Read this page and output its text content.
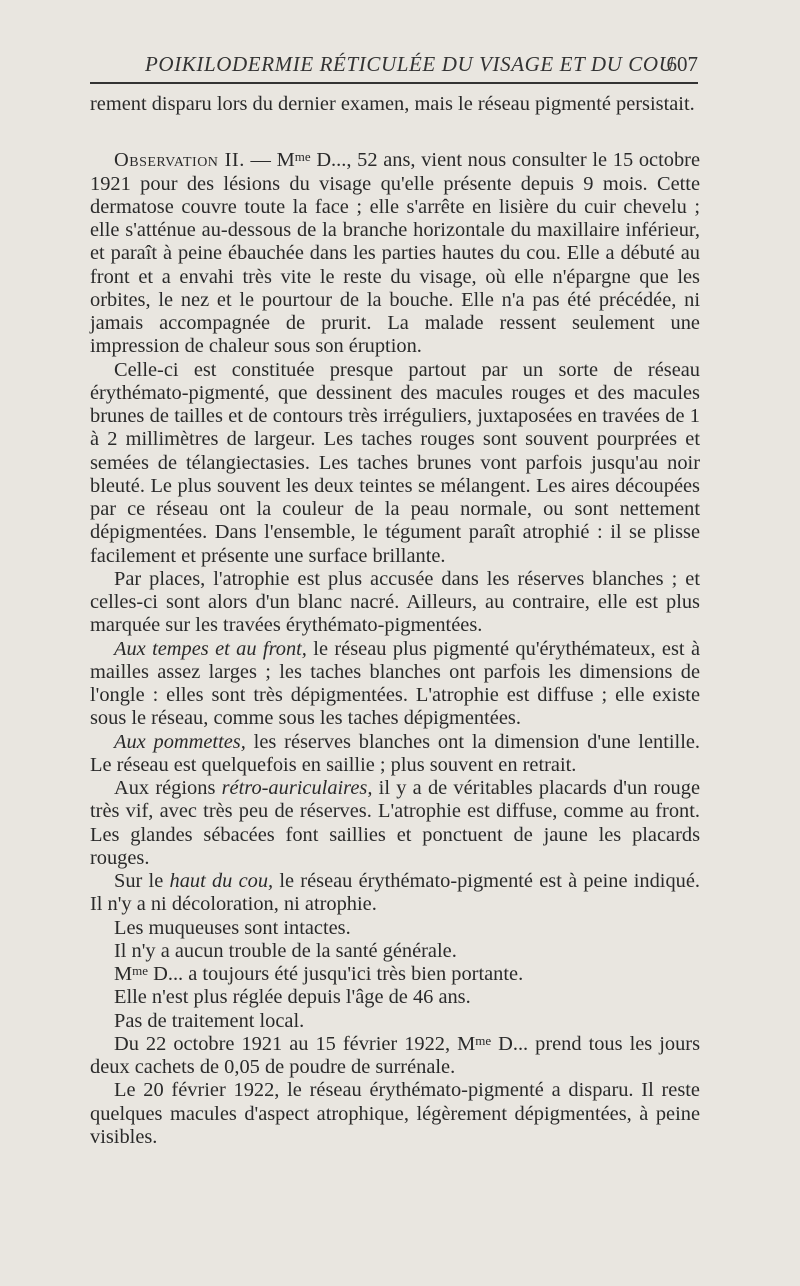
POIKILODERMIE RÉTICULÉE DU VISAGE ET DU COU
607

rement disparu lors du dernier examen, mais le réseau pigmenté persistait.

Observation II. — $M^{me}$ D..., 52 ans, vient nous consulter le 15 octobre 1921 pour des lésions du visage qu'elle présente depuis 9 mois. Cette dermatose couvre toute la face ; elle s'arrête en lisière du cuir chevelu ; elle s'atténue au-dessous de la branche horizontale du maxillaire inférieur, et paraît à peine ébauchée dans les parties hautes du cou. Elle a débuté au front et a envahi très vite le reste du visage, où elle n'épargne que les orbites, le nez et le pourtour de la bouche. Elle n'a pas été précédée, ni jamais accompagnée de prurit. La malade ressent seulement une impression de chaleur sous son éruption.

Celle-ci est constituée presque partout par un sorte de réseau érythémato-pigmenté, que dessinent des macules rouges et des macules brunes de tailles et de contours très irréguliers, juxtaposées en travées de 1 à 2 millimètres de largeur. Les taches rouges sont souvent pourprées et semées de télangiectasies. Les taches brunes vont parfois jusqu'au noir bleuté. Le plus souvent les deux teintes se mélangent. Les aires découpées par ce réseau ont la couleur de la peau normale, ou sont nettement dépigmentées. Dans l'ensemble, le tégument paraît atrophié : il se plisse facilement et présente une surface brillante.

Par places, l'atrophie est plus accusée dans les réserves blanches ; et celles-ci sont alors d'un blanc nacré. Ailleurs, au contraire, elle est plus marquée sur les travées érythémato-pigmentées.

Aux tempes et au front, le réseau plus pigmenté qu'érythémateux, est à mailles assez larges ; les taches blanches ont parfois les dimensions de l'ongle : elles sont très dépigmentées. L'atrophie est diffuse ; elle existe sous le réseau, comme sous les taches dépigmentées.

Aux pommettes, les réserves blanches ont la dimension d'une lentille. Le réseau est quelquefois en saillie ; plus souvent en retrait.

Aux régions rétro-auriculaires, il y a de véritables placards d'un rouge très vif, avec très peu de réserves. L'atrophie est diffuse, comme au front. Les glandes sébacées font saillies et ponctuent de jaune les placards rouges.

Sur le haut du cou, le réseau érythémato-pigmenté est à peine indiqué. Il n'y a ni décoloration, ni atrophie.

Les muqueuses sont intactes.

Il n'y a aucun trouble de la santé générale.

$M^{me}$ D... a toujours été jusqu'ici très bien portante.

Elle n'est plus réglée depuis l'âge de 46 ans.

Pas de traitement local.

Du 22 octobre 1921 au 15 février 1922, $M^{me}$ D... prend tous les jours deux cachets de 0,05 de poudre de surrénale.

Le 20 février 1922, le réseau érythémato-pigmenté a disparu. Il reste quelques macules d'aspect atrophique, légèrement dépigmentées, à peine visibles.
